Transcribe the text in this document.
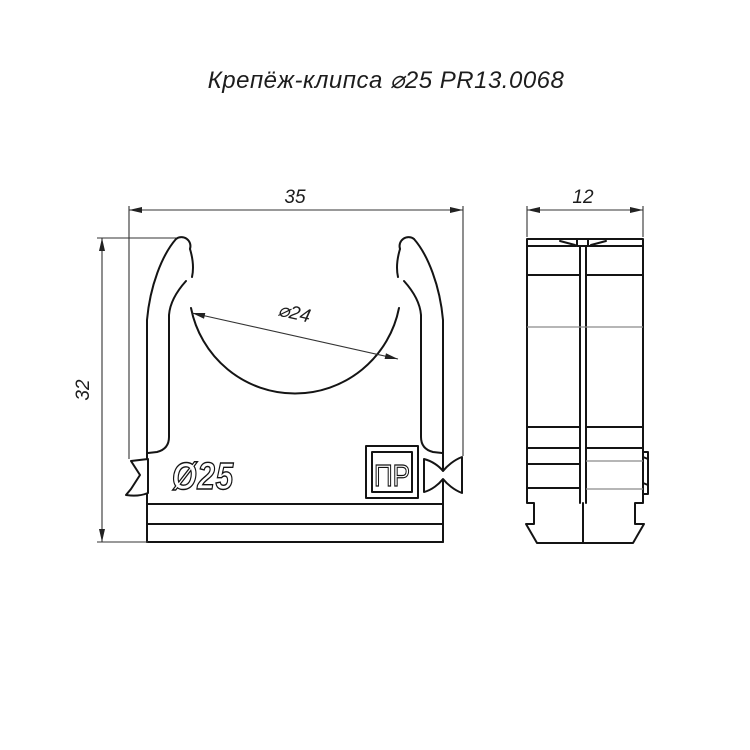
Крепёж-клипса ⌀25 PR13.0068
Ø25	ПР
35
32
⌀24
12
